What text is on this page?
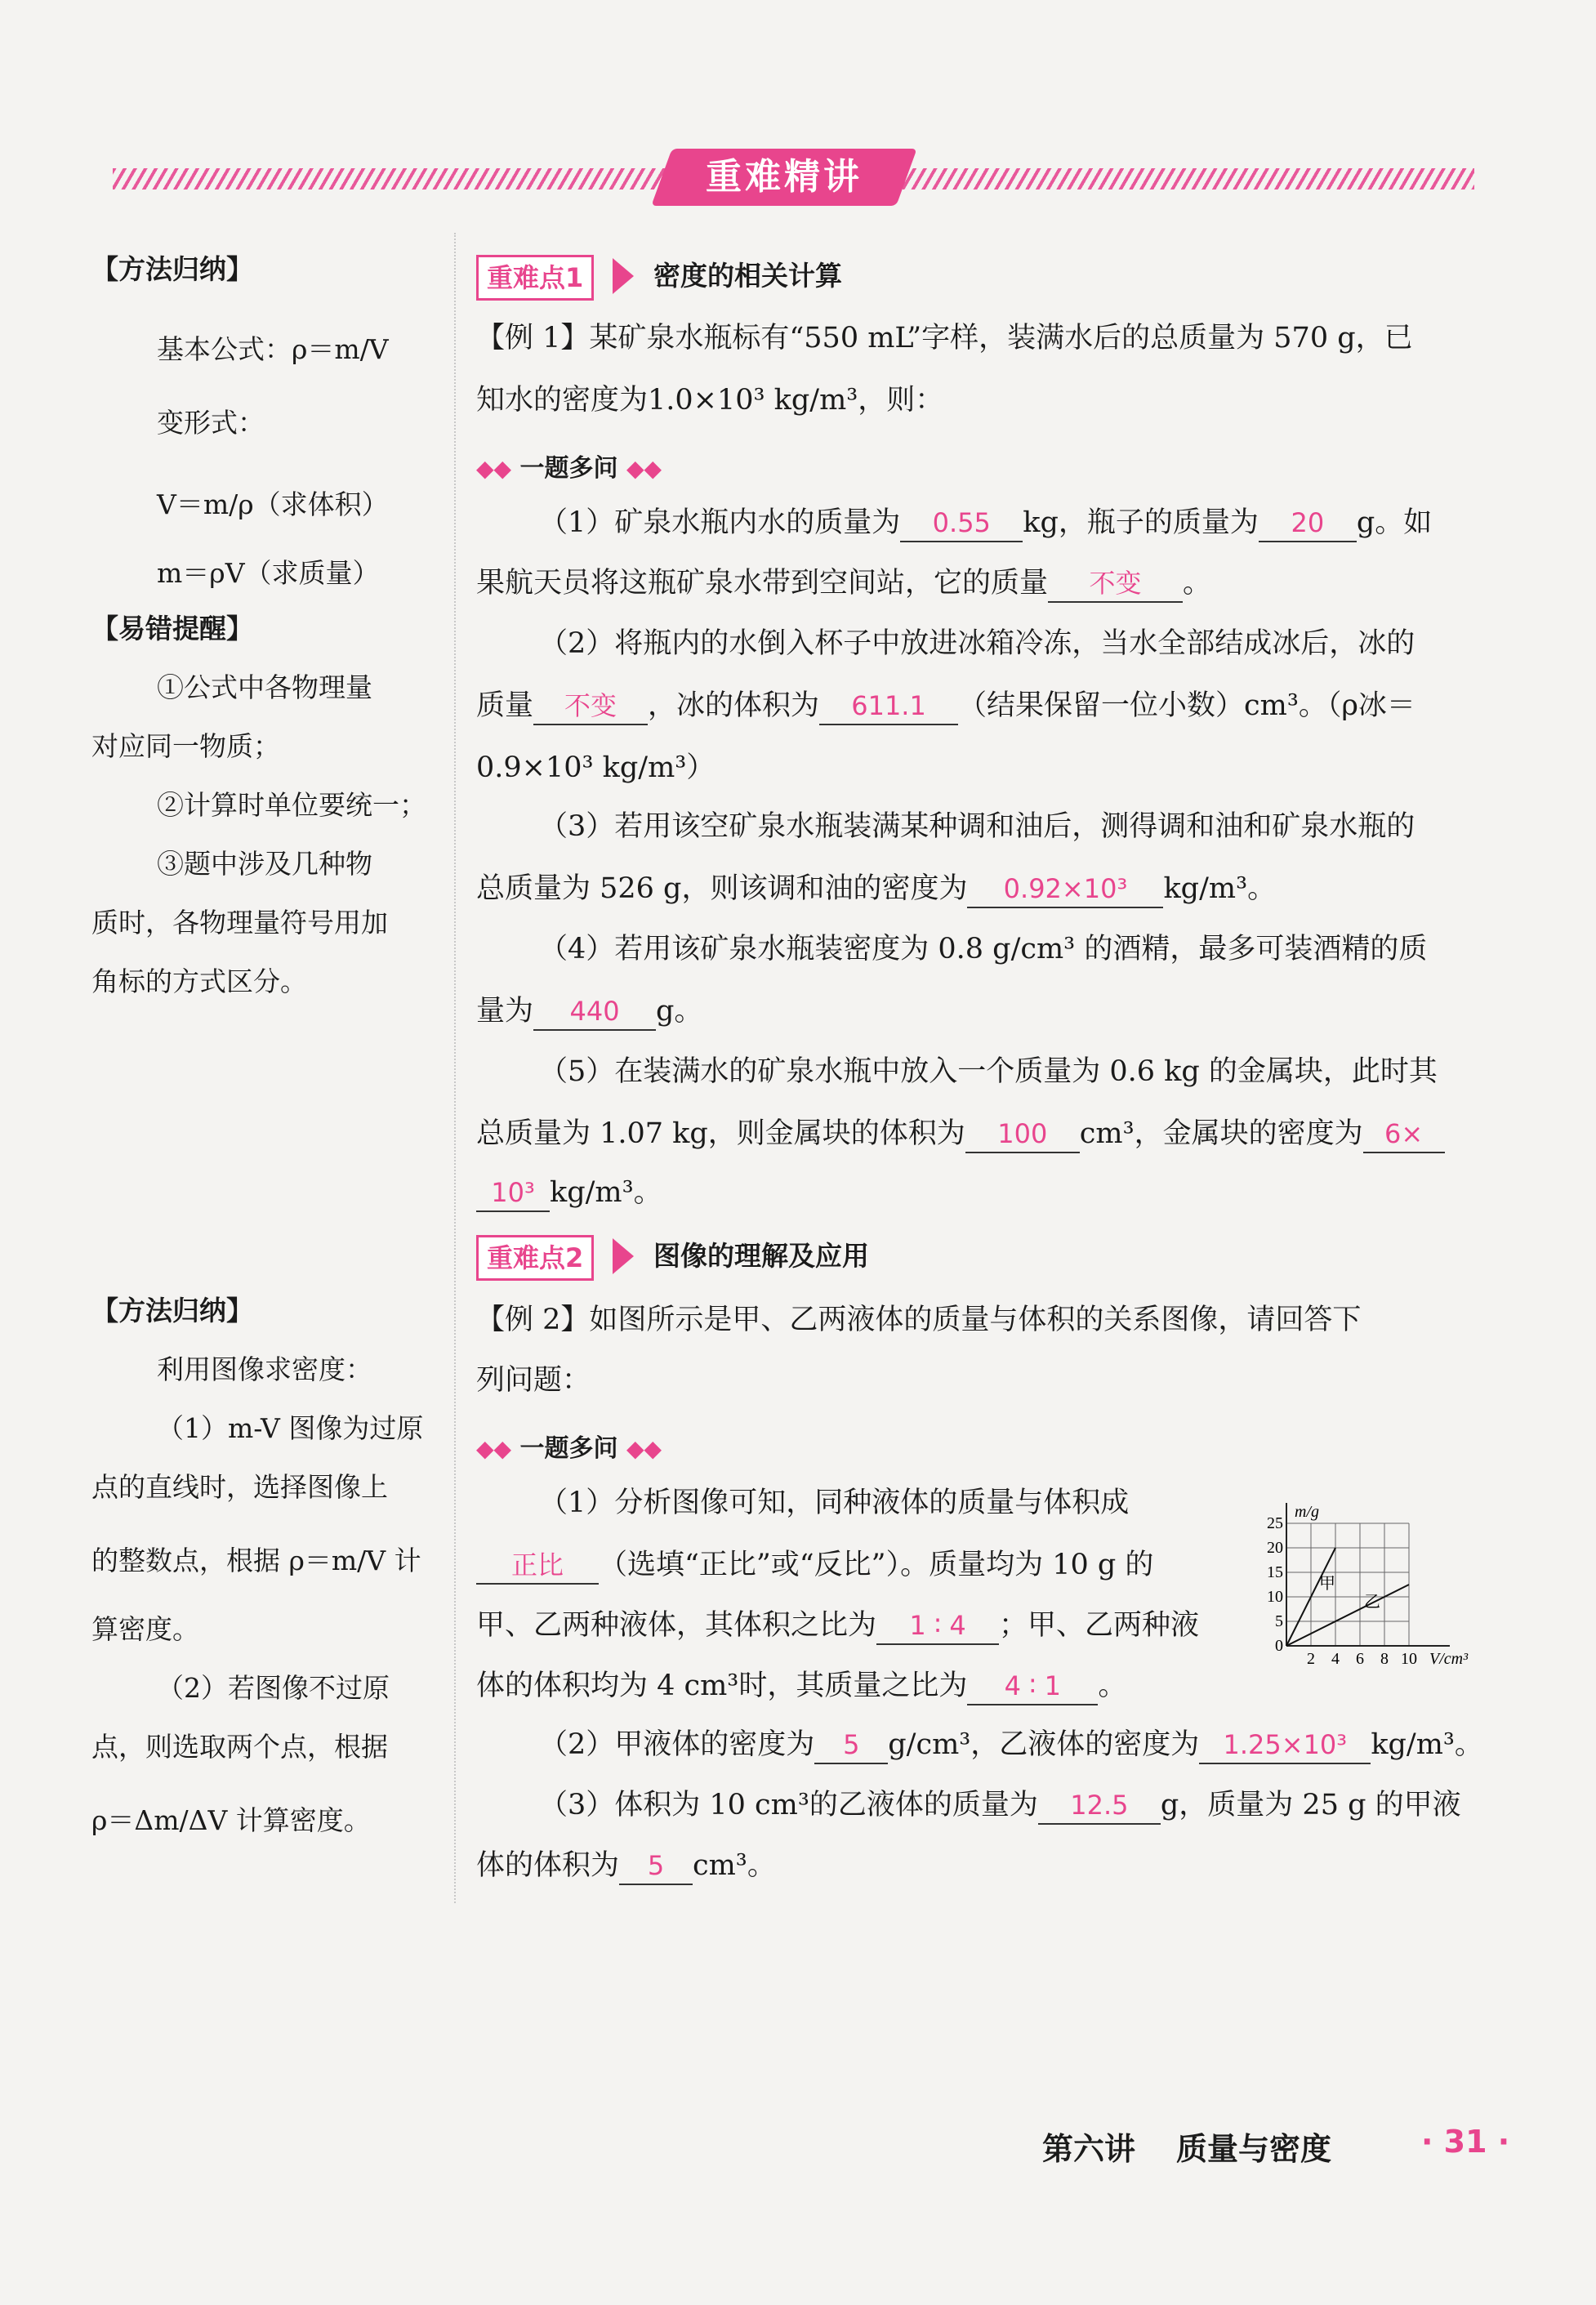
重难精讲
【方法归纳】
基本公式：ρ＝m/V
变形式：
V＝m/ρ（求体积）
m＝ρV（求质量）
【易错提醒】
①公式中各物理量
对应同一物质；
②计算时单位要统一；
③题中涉及几种物
质时，各物理量符号用加
角标的方式区分。
【方法归纳】
利用图像求密度：
（1）m-V 图像为过原
点的直线时，选择图像上
的整数点，根据 ρ＝m/V 计
算密度。
（2）若图像不过原
点，则选取两个点，根据
ρ＝Δm/ΔV 计算密度。
重难点1	密度的相关计算
【例 1】某矿泉水瓶标有“550 mL”字样，装满水后的总质量为 570 g，已
知水的密度为1.0×10³ kg/m³，则：
◆◆ 一题多问 ◆◆
（1）矿泉水瓶内水的质量为 0.55 kg，瓶子的质量为 20 g。如
果航天员将这瓶矿泉水带到空间站，它的质量 不变 。
（2）将瓶内的水倒入杯子中放进冰箱冷冻，当水全部结成冰后，冰的
质量 不变 ，冰的体积为 611.1 （结果保留一位小数）cm³。（ρ冰＝
0.9×10³ kg/m³）
（3）若用该空矿泉水瓶装满某种调和油后，测得调和油和矿泉水瓶的
总质量为 526 g，则该调和油的密度为 0.92×10³ kg/m³。
（4）若用该矿泉水瓶装密度为 0.8 g/cm³ 的酒精，最多可装酒精的质
量为 440 g。
（5）在装满水的矿泉水瓶中放入一个质量为 0.6 kg 的金属块，此时其
总质量为 1.07 kg，则金属块的体积为 100 cm³，金属块的密度为 6×
10³ kg/m³。
重难点2	图像的理解及应用
【例 2】如图所示是甲、乙两液体的质量与体积的关系图像，请回答下
列问题：
◆◆ 一题多问 ◆◆
（1）分析图像可知，同种液体的质量与体积成
正比 （选填“正比”或“反比”）。质量均为 10 g 的
甲、乙两种液体，其体积之比为 1 ∶ 4 ；甲、乙两种液
体的体积均为 4 cm³时，其质量之比为 4 ∶ 1 。
（2）甲液体的密度为 5 g/cm³，乙液体的密度为 1.25×10³ kg/m³。
（3）体积为 10 cm³的乙液体的质量为 12.5 g，质量为 25 g 的甲液
体的体积为 5 cm³。
2 4 6 8 10
0
5
10
15
20
25
V/cm³
m/g
甲
乙
第六讲 质量与密度	· 31 ·
